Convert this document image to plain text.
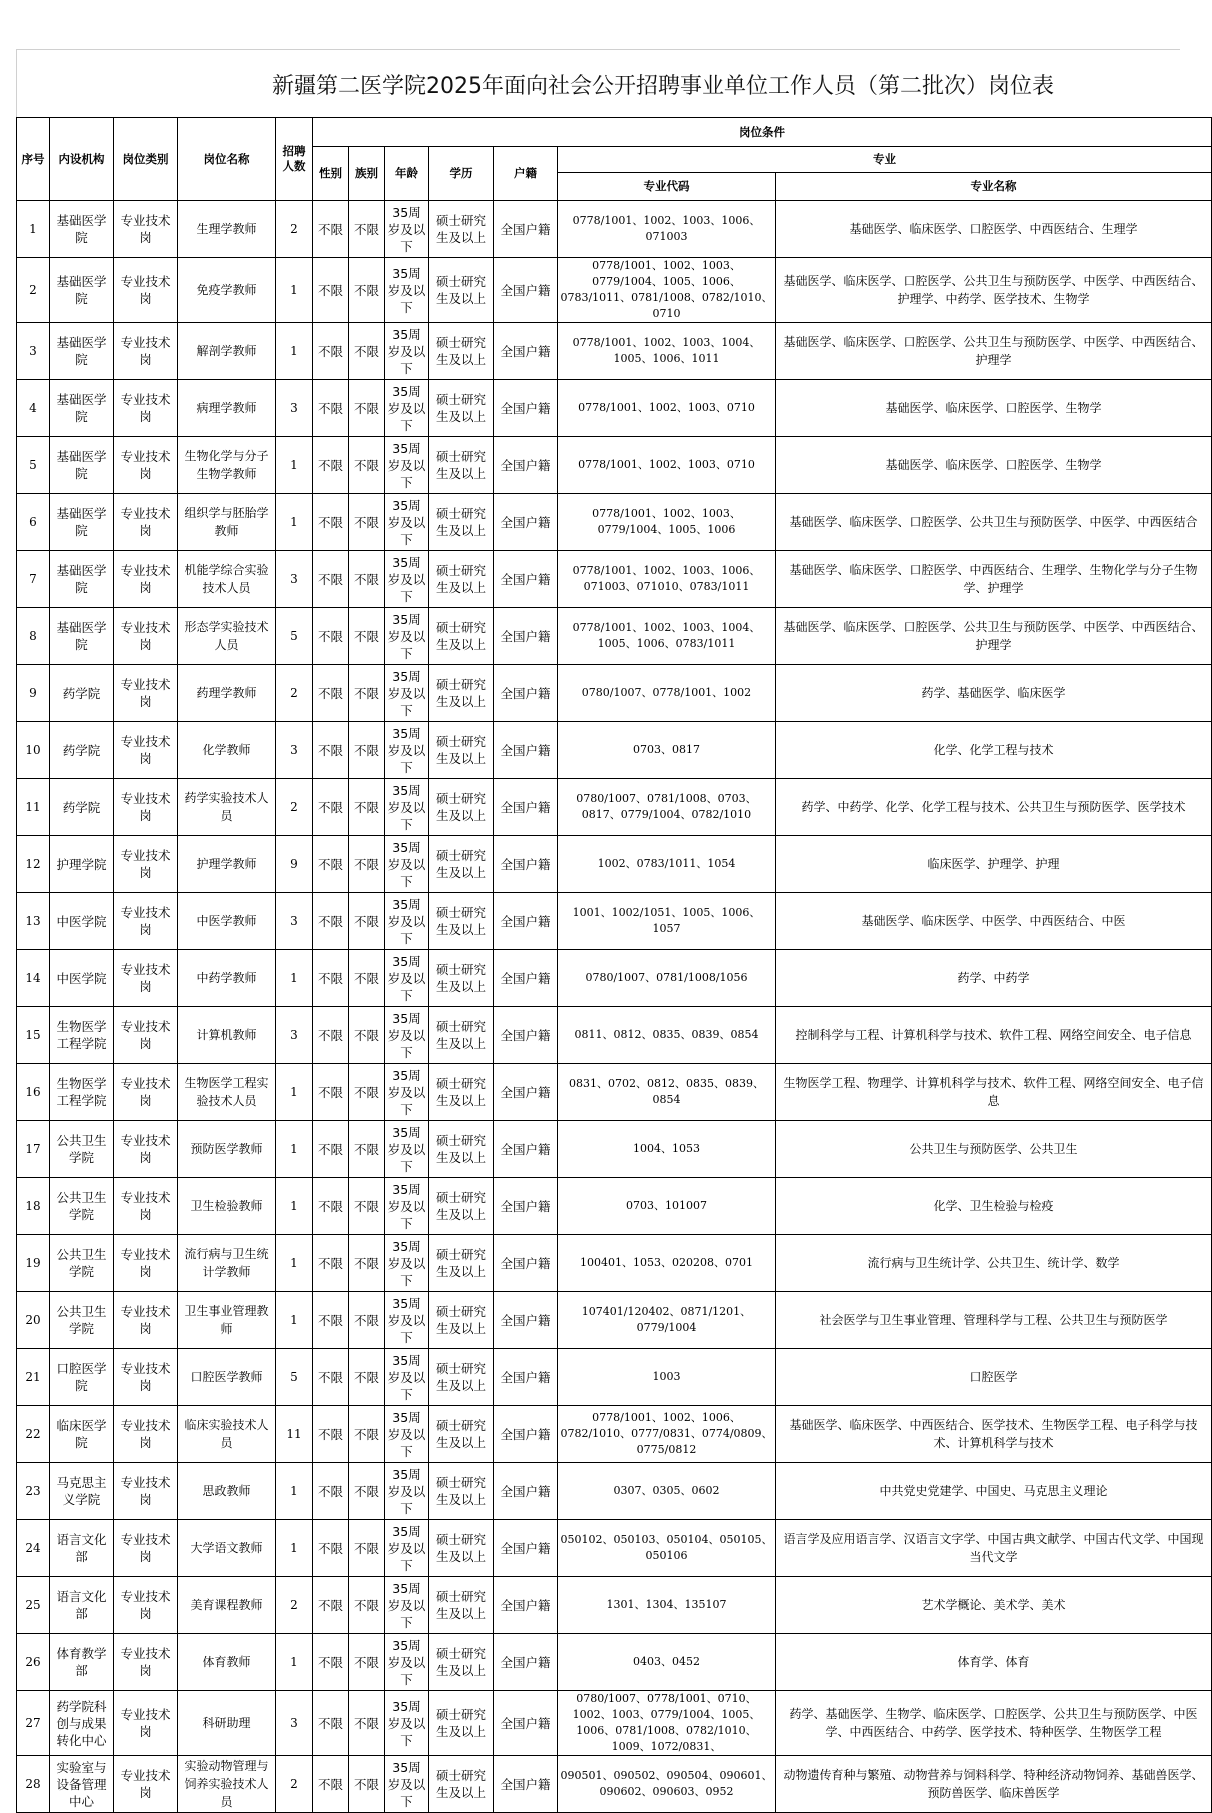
新疆第二医学院2025年面向社会公开招聘事业单位工作人员（第二批次）岗位表
序号	内设机构	岗位类别	岗位名称	招聘人数	岗位条件						
					性别	族别	年龄	学历	户籍	专业	
										专业代码	专业名称
1	基础医学院	专业技术岗	生理学教师	2	不限	不限	35周岁及以下	硕士研究生及以上	全国户籍	0778/1001、1002、1003、1006、071003	基础医学、临床医学、口腔医学、中西医结合、生理学
2	基础医学院	专业技术岗	免疫学教师	1	不限	不限	35周岁及以下	硕士研究生及以上	全国户籍	0778/1001、1002、1003、0779/1004、1005、1006、0783/1011、0781/1008、0782/1010、0710	基础医学、临床医学、口腔医学、公共卫生与预防医学、中医学、中西医结合、护理学、中药学、医学技术、生物学
3	基础医学院	专业技术岗	解剖学教师	1	不限	不限	35周岁及以下	硕士研究生及以上	全国户籍	0778/1001、1002、1003、1004、1005、1006、1011	基础医学、临床医学、口腔医学、公共卫生与预防医学、中医学、中西医结合、护理学
4	基础医学院	专业技术岗	病理学教师	3	不限	不限	35周岁及以下	硕士研究生及以上	全国户籍	0778/1001、1002、1003、0710	基础医学、临床医学、口腔医学、生物学
5	基础医学院	专业技术岗	生物化学与分子生物学教师	1	不限	不限	35周岁及以下	硕士研究生及以上	全国户籍	0778/1001、1002、1003、0710	基础医学、临床医学、口腔医学、生物学
6	基础医学院	专业技术岗	组织学与胚胎学教师	1	不限	不限	35周岁及以下	硕士研究生及以上	全国户籍	0778/1001、1002、1003、0779/1004、1005、1006	基础医学、临床医学、口腔医学、公共卫生与预防医学、中医学、中西医结合
7	基础医学院	专业技术岗	机能学综合实验技术人员	3	不限	不限	35周岁及以下	硕士研究生及以上	全国户籍	0778/1001、1002、1003、1006、071003、071010、0783/1011	基础医学、临床医学、口腔医学、中西医结合、生理学、生物化学与分子生物学、护理学
8	基础医学院	专业技术岗	形态学实验技术人员	5	不限	不限	35周岁及以下	硕士研究生及以上	全国户籍	0778/1001、1002、1003、1004、1005、1006、0783/1011	基础医学、临床医学、口腔医学、公共卫生与预防医学、中医学、中西医结合、护理学
9	药学院	专业技术岗	药理学教师	2	不限	不限	35周岁及以下	硕士研究生及以上	全国户籍	0780/1007、0778/1001、1002	药学、基础医学、临床医学
10	药学院	专业技术岗	化学教师	3	不限	不限	35周岁及以下	硕士研究生及以上	全国户籍	0703、0817	化学、化学工程与技术
11	药学院	专业技术岗	药学实验技术人员	2	不限	不限	35周岁及以下	硕士研究生及以上	全国户籍	0780/1007、0781/1008、0703、0817、0779/1004、0782/1010	药学、中药学、化学、化学工程与技术、公共卫生与预防医学、医学技术
12	护理学院	专业技术岗	护理学教师	9	不限	不限	35周岁及以下	硕士研究生及以上	全国户籍	1002、0783/1011、1054	临床医学、护理学、护理
13	中医学院	专业技术岗	中医学教师	3	不限	不限	35周岁及以下	硕士研究生及以上	全国户籍	1001、1002/1051、1005、1006、1057	基础医学、临床医学、中医学、中西医结合、中医
14	中医学院	专业技术岗	中药学教师	1	不限	不限	35周岁及以下	硕士研究生及以上	全国户籍	0780/1007、0781/1008/1056	药学、中药学
15	生物医学工程学院	专业技术岗	计算机教师	3	不限	不限	35周岁及以下	硕士研究生及以上	全国户籍	0811、0812、0835、0839、0854	控制科学与工程、计算机科学与技术、软件工程、网络空间安全、电子信息
16	生物医学工程学院	专业技术岗	生物医学工程实验技术人员	1	不限	不限	35周岁及以下	硕士研究生及以上	全国户籍	0831、0702、0812、0835、0839、0854	生物医学工程、物理学、计算机科学与技术、软件工程、网络空间安全、电子信息
17	公共卫生学院	专业技术岗	预防医学教师	1	不限	不限	35周岁及以下	硕士研究生及以上	全国户籍	1004、1053	公共卫生与预防医学、公共卫生
18	公共卫生学院	专业技术岗	卫生检验教师	1	不限	不限	35周岁及以下	硕士研究生及以上	全国户籍	0703、101007	化学、卫生检验与检疫
19	公共卫生学院	专业技术岗	流行病与卫生统计学教师	1	不限	不限	35周岁及以下	硕士研究生及以上	全国户籍	100401、1053、020208、0701	流行病与卫生统计学、公共卫生、统计学、数学
20	公共卫生学院	专业技术岗	卫生事业管理教师	1	不限	不限	35周岁及以下	硕士研究生及以上	全国户籍	107401/120402、0871/1201、0779/1004	社会医学与卫生事业管理、管理科学与工程、公共卫生与预防医学
21	口腔医学院	专业技术岗	口腔医学教师	5	不限	不限	35周岁及以下	硕士研究生及以上	全国户籍	1003	口腔医学
22	临床医学院	专业技术岗	临床实验技术人员	11	不限	不限	35周岁及以下	硕士研究生及以上	全国户籍	0778/1001、1002、1006、0782/1010、0777/0831、0774/0809、0775/0812	基础医学、临床医学、中西医结合、医学技术、生物医学工程、电子科学与技术、计算机科学与技术
23	马克思主义学院	专业技术岗	思政教师	1	不限	不限	35周岁及以下	硕士研究生及以上	全国户籍	0307、0305、0602	中共党史党建学、中国史、马克思主义理论
24	语言文化部	专业技术岗	大学语文教师	1	不限	不限	35周岁及以下	硕士研究生及以上	全国户籍	050102、050103、050104、050105、050106	语言学及应用语言学、汉语言文字学、中国古典文献学、中国古代文学、中国现当代文学
25	语言文化部	专业技术岗	美育课程教师	2	不限	不限	35周岁及以下	硕士研究生及以上	全国户籍	1301、1304、135107	艺术学概论、美术学、美术
26	体育教学部	专业技术岗	体育教师	1	不限	不限	35周岁及以下	硕士研究生及以上	全国户籍	0403、0452	体育学、体育
27	药学院科创与成果转化中心	专业技术岗	科研助理	3	不限	不限	35周岁及以下	硕士研究生及以上	全国户籍	0780/1007、0778/1001、0710、1002、1003、0779/1004、1005、1006、0781/1008、0782/1010、1009、1072/0831、	药学、基础医学、生物学、临床医学、口腔医学、公共卫生与预防医学、中医学、中西医结合、中药学、医学技术、特种医学、生物医学工程
28	实验室与设备管理中心	专业技术岗	实验动物管理与饲养实验技术人员	2	不限	不限	35周岁及以下	硕士研究生及以上	全国户籍	090501、090502、090504、090601、090602、090603、0952	动物遗传育种与繁殖、动物营养与饲料科学、特种经济动物饲养、基础兽医学、预防兽医学、临床兽医学
